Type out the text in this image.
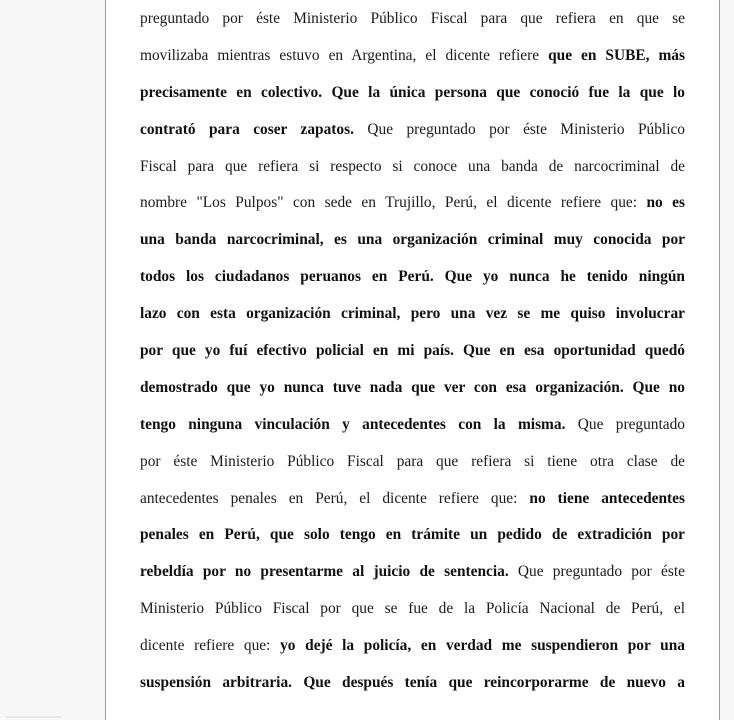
preguntado por éste Ministerio Público Fiscal para que refiera en que se
movilizaba mientras estuvo en Argentina, el dicente refiere que en SUBE, más
precisamente en colectivo. Que la única persona que conoció fue la que lo
contrató para coser zapatos. Que preguntado por éste Ministerio Público
Fiscal para que refiera si respecto si conoce una banda de narcocriminal de
nombre "Los Pulpos" con sede en Trujillo, Perú, el dicente refiere que: no es
una banda narcocriminal, es una organización criminal muy conocida por
todos los ciudadanos peruanos en Perú. Que yo nunca he tenido ningún
lazo con esta organización criminal, pero una vez se me quiso involucrar
por que yo fuí efectivo policial en mi país. Que en esa oportunidad quedó
demostrado que yo nunca tuve nada que ver con esa organización. Que no
tengo ninguna vinculación y antecedentes con la misma. Que preguntado
por éste Ministerio Público Fiscal para que refiera si tiene otra clase de
antecedentes penales en Perú, el dicente refiere que: no tiene antecedentes
penales en Perú, que solo tengo en trámite un pedido de extradición por
rebeldía por no presentarme al juicio de sentencia. Que preguntado por éste
Ministerio Público Fiscal por que se fue de la Policía Nacional de Perú, el
dicente refiere que: yo dejé la policía, en verdad me suspendieron por una
suspensión arbitraria. Que después tenía que reincorporarme de nuevo a
